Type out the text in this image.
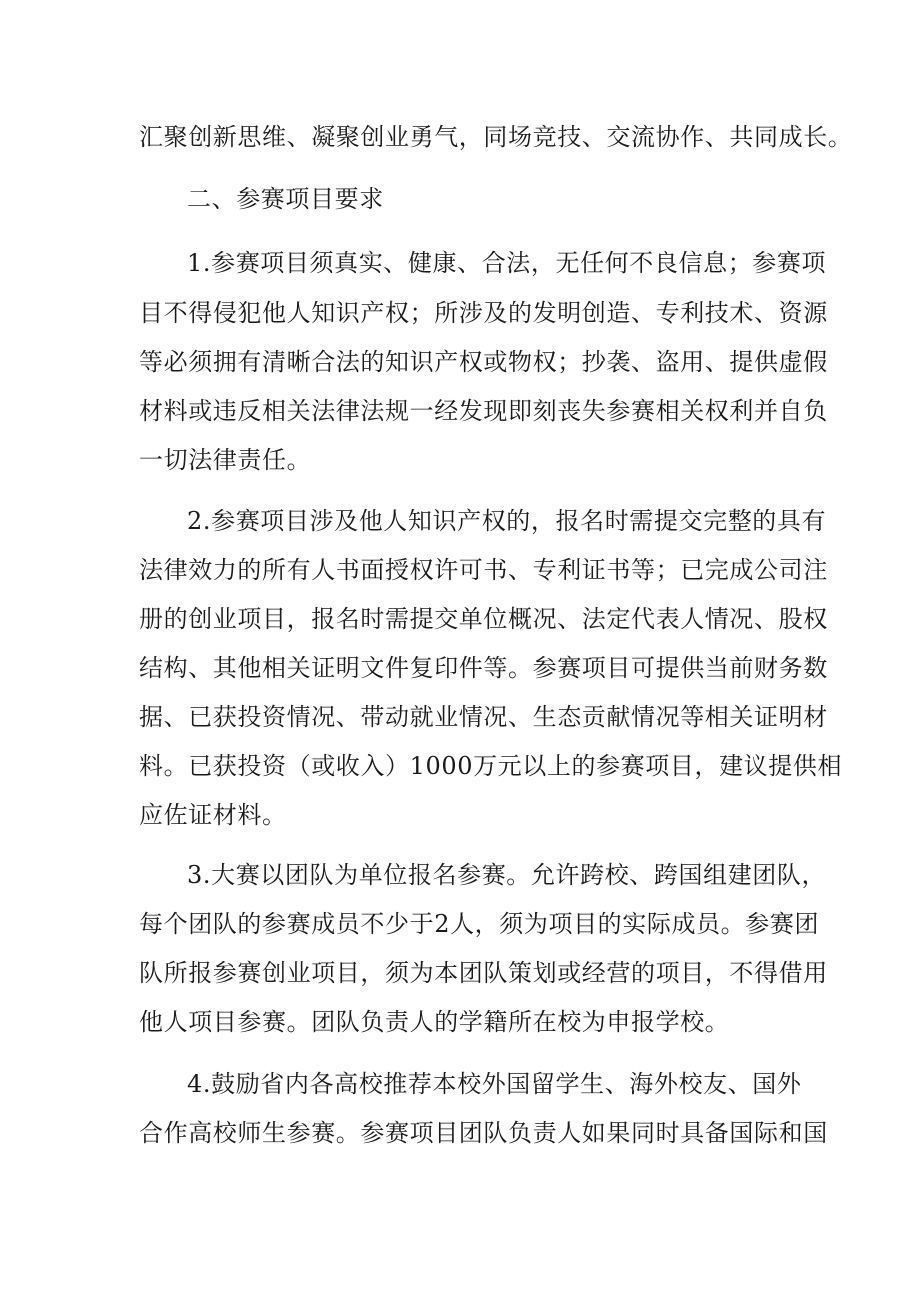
汇聚创新思维、凝聚创业勇气，同场竞技、交流协作、共同成长。
二、参赛项目要求
1.参赛项目须真实、健康、合法，无任何不良信息；参赛项
目不得侵犯他人知识产权；所涉及的发明创造、专利技术、资源
等必须拥有清晰合法的知识产权或物权；抄袭、盗用、提供虚假
材料或违反相关法律法规一经发现即刻丧失参赛相关权利并自负
一切法律责任。
2.参赛项目涉及他人知识产权的，报名时需提交完整的具有
法律效力的所有人书面授权许可书、专利证书等；已完成公司注
册的创业项目，报名时需提交单位概况、法定代表人情况、股权
结构、其他相关证明文件复印件等。参赛项目可提供当前财务数
据、已获投资情况、带动就业情况、生态贡献情况等相关证明材
料。已获投资（或收入）1000万元以上的参赛项目，建议提供相
应佐证材料。
3.大赛以团队为单位报名参赛。允许跨校、跨国组建团队，
每个团队的参赛成员不少于2人，须为项目的实际成员。参赛团
队所报参赛创业项目，须为本团队策划或经营的项目，不得借用
他人项目参赛。团队负责人的学籍所在校为申报学校。
4.鼓励省内各高校推荐本校外国留学生、海外校友、国外
合作高校师生参赛。参赛项目团队负责人如果同时具备国际和国
